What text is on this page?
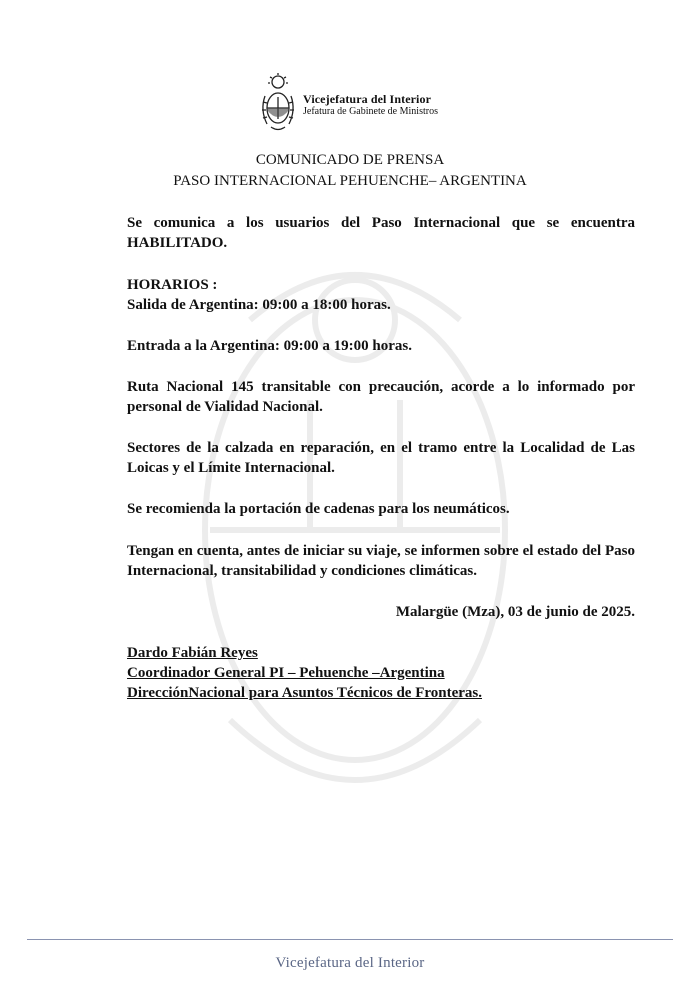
Vicejefatura del Interior
Jefatura de Gabinete de Ministros
COMUNICADO DE PRENSA
PASO INTERNACIONAL PEHUENCHE– ARGENTINA
Se comunica a los usuarios del Paso Internacional que se encuentra HABILITADO.
HORARIOS :
Salida de Argentina: 09:00 a 18:00 horas.
Entrada a la Argentina: 09:00 a 19:00 horas.
Ruta Nacional 145 transitable con precaución, acorde a lo informado por personal de Vialidad Nacional.
Sectores de la calzada en reparación, en el tramo entre la Localidad de Las Loicas y el Límite Internacional.
Se recomienda la portación de cadenas para los neumáticos.
Tengan en cuenta, antes de iniciar su viaje, se informen sobre el estado del Paso Internacional, transitabilidad y condiciones climáticas.
Malargüe (Mza), 03 de junio de 2025.
Dardo Fabián Reyes
Coordinador General PI – Pehuenche –Argentina
DirecciónNacional para Asuntos Técnicos de Fronteras.
Vicejefatura del Interior
